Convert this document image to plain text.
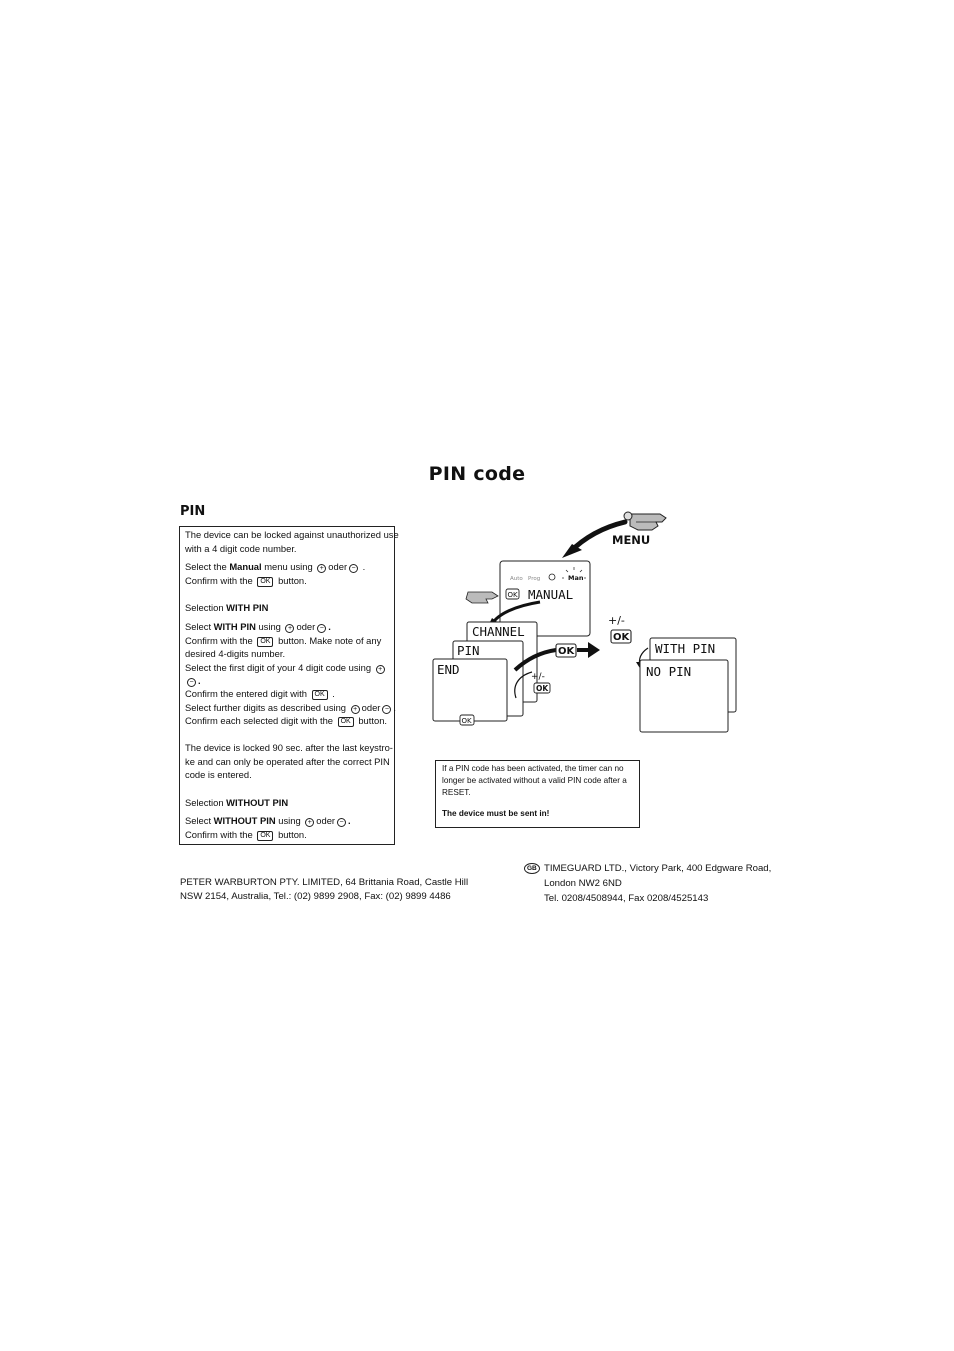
PIN code
PIN
The device can be locked against unauthorized use
with a 4 digit code number.
Select the Manual menu using + oder − .
Confirm with the OK button.
Selection WITH PIN
Select WITH PIN using + oder − .
Confirm with the OK button. Make note of any
desired 4-digits number.
Select the first digit of your 4 digit code using +
− .
Confirm the entered digit with OK .
Select further digits as described using + oder − .
Confirm each selected digit with the OK button.
The device is locked 90 sec. after the last keystro-
ke and can only be operated after the correct PIN
code is entered.
Selection WITHOUT PIN
Select WITHOUT PIN using + oder − .
Confirm with the OK button.
MENU
Auto Prog	Man
OK MANUAL
CHANNEL
PIN
END
OK
+/-
OK
OK
+/-
OK
WITH PIN
NO PIN
If a PIN code has been activated, the timer can no
longer be activated without a valid PIN code after a
RESET.
The device must be sent in!
PETER WARBURTON PTY. LIMITED, 64 Brittania Road, Castle Hill
NSW 2154, Australia, Tel.: (02) 9899 2908, Fax: (02) 9899 4486
GB TIMEGUARD LTD., Victory Park, 400 Edgware Road,
London NW2 6ND
Tel. 0208/4508944, Fax 0208/4525143
